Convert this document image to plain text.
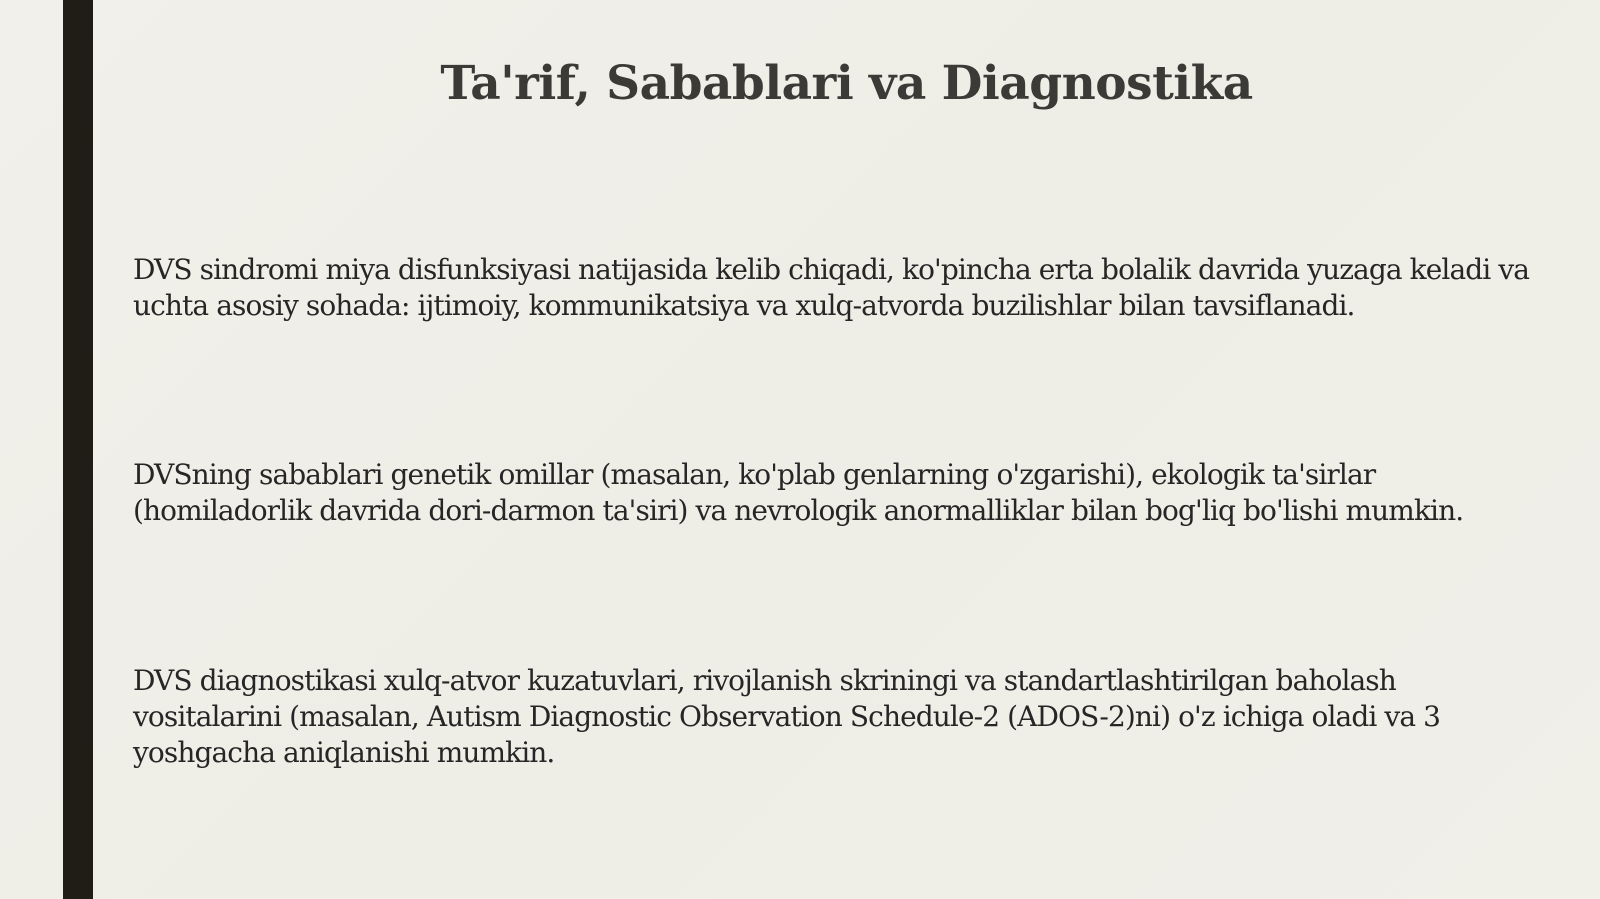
Ta'rif, Sabablari va Diagnostika

DVS sindromi miya disfunksiyasi natijasida kelib chiqadi, ko'pincha erta bolalik davrida yuzaga keladi va uchta asosiy sohada: ijtimoiy, kommunikatsiya va xulq-atvorda buzilishlar bilan tavsiflanadi.

DVSning sabablari genetik omillar (masalan, ko'plab genlarning o'zgarishi), ekologik ta'sirlar (homiladorlik davrida dori-darmon ta'siri) va nevrologik anormalliklar bilan bog'liq bo'lishi mumkin.

DVS diagnostikasi xulq-atvor kuzatuvlari, rivojlanish skriningi va standartlashtirilgan baholash vositalarini (masalan, Autism Diagnostic Observation Schedule-2 (ADOS-2)ni) o'z ichiga oladi va 3 yoshgacha aniqlanishi mumkin.
